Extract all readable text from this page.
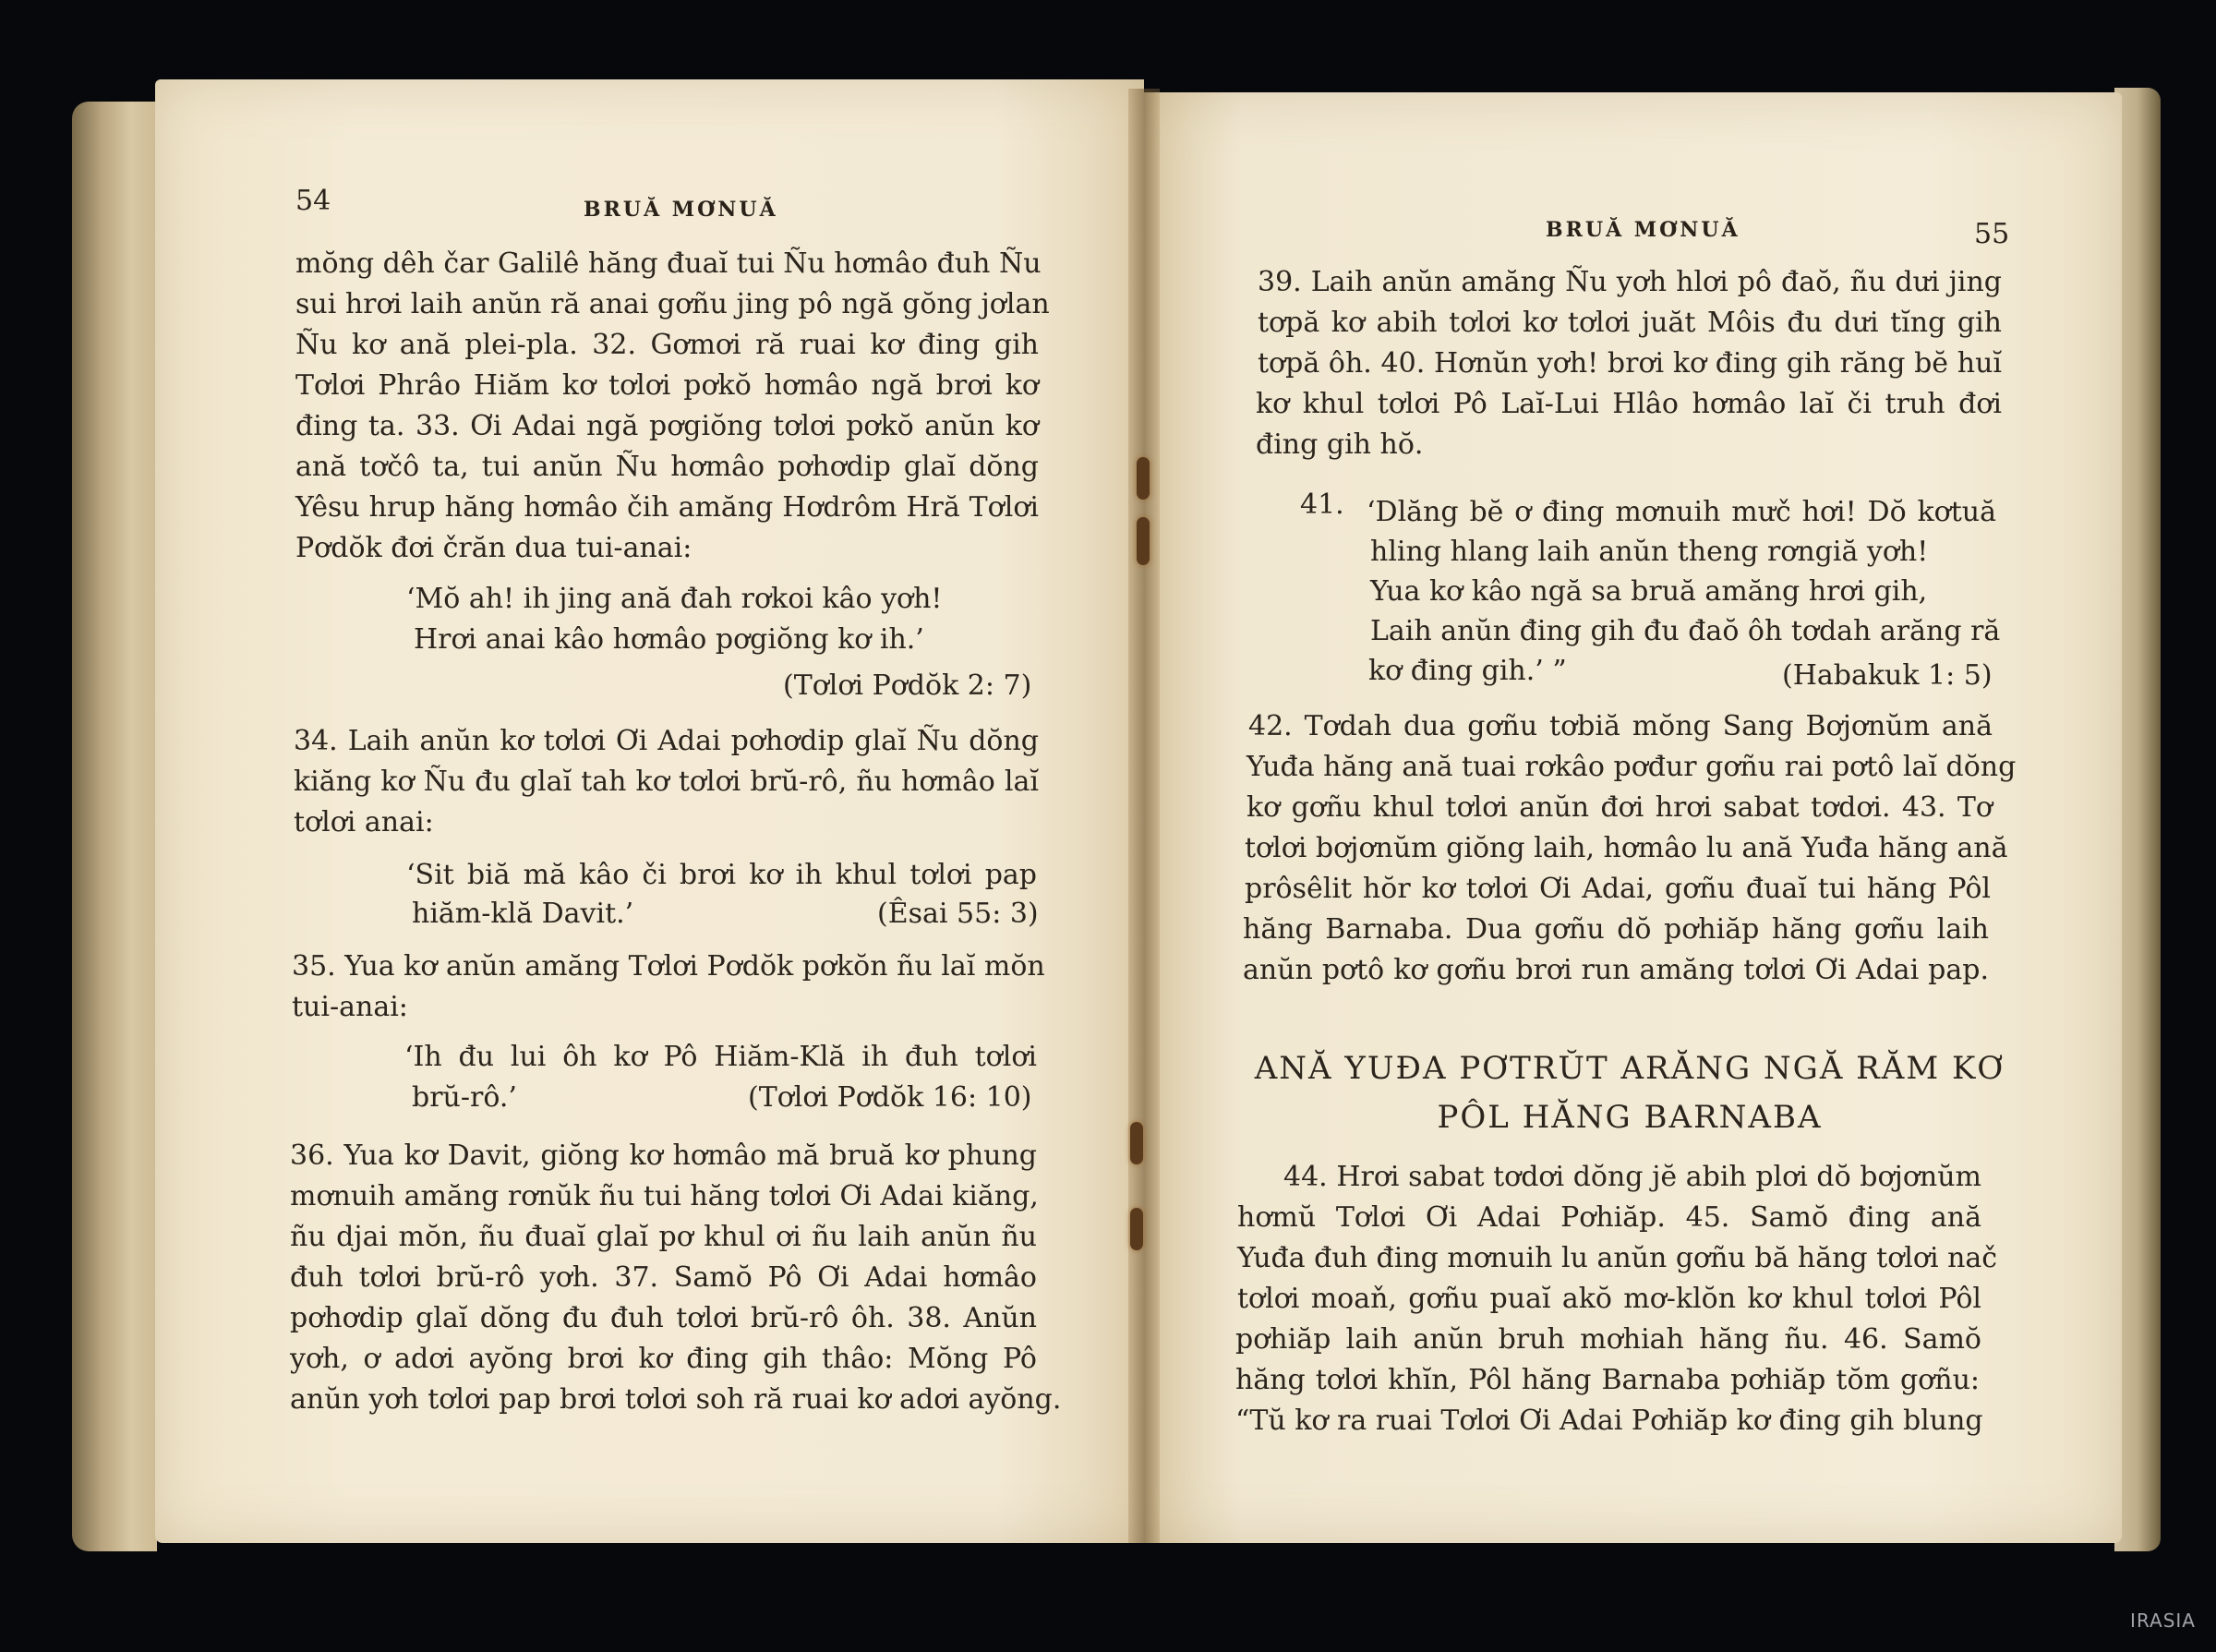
54	BRUĂ MƠNUĂ
mŏng dêh čar Galilê hăng đuaĭ tui Ñu hơmâo đuh Ñu
sui hrơi laih anŭn ră anai gơñu jing pô ngă gŏng jơlan
Ñu kơ ană plei-pla. 32. Gơmơi ră ruai kơ đing gih
Tơlơi Phrâo Hiăm kơ tơlơi pơkŏ hơmâo ngă brơi kơ
đing ta. 33. Ơi Adai ngă pơgiŏng tơlơi pơkŏ anŭn kơ
ană tơčô ta, tui anŭn Ñu hơmâo pơhơdip glaĭ dŏng
Yêsu hrup hăng hơmâo čih amăng Hơdrôm Hră Tơlơi
Pơdŏk đơi črăn dua tui-anai:
‘Mŏ ah! ih jing ană đah rơkoi kâo yơh!
Hrơi anai kâo hơmâo pơgiŏng kơ ih.’
(Tơlơi Pơdŏk 2: 7)
34. Laih anŭn kơ tơlơi Ơi Adai pơhơdip glaĭ Ñu dŏng
kiăng kơ Ñu đu glaĭ tah kơ tơlơi brŭ-rô, ñu hơmâo laĭ
tơlơi anai:
‘Sit biă mă kâo či brơi kơ ih khul tơlơi pap
hiăm-klă Davit.’	(Êsai 55: 3)
35. Yua kơ anŭn amăng Tơlơi Pơdŏk pơkŏn ñu laĭ mŏn
tui-anai:
‘Ih đu lui ôh kơ Pô Hiăm-Klă ih đuh tơlơi
brŭ-rô.’	(Tơlơi Pơdŏk 16: 10)
36. Yua kơ Davit, giŏng kơ hơmâo mă bruă kơ phung
mơnuih amăng rơnŭk ñu tui hăng tơlơi Ơi Adai kiăng,
ñu djai mŏn, ñu đuaĭ glaĭ pơ khul ơi ñu laih anŭn ñu
đuh tơlơi brŭ-rô yơh. 37. Samŏ Pô Ơi Adai hơmâo
pơhơdip glaĭ dŏng đu đuh tơlơi brŭ-rô ôh. 38. Anŭn
yơh, ơ adơi ayŏng brơi kơ đing gih thâo: Mŏng Pô
anŭn yơh tơlơi pap brơi tơlơi soh ră ruai kơ adơi ayŏng.
BRUĂ MƠNUĂ	55
39. Laih anŭn amăng Ñu yơh hlơi pô đaŏ, ñu dưi jing
tơpă kơ abih tơlơi kơ tơlơi juăt Môis đu dưi tĭng gih
tơpă ôh. 40. Hơnŭn yơh! brơi kơ đing gih răng bĕ huĭ
kơ khul tơlơi Pô Laĭ-Lui Hlâo hơmâo laĭ či truh đơi
đing gih hŏ.
41. ‘Dlăng bĕ ơ đing mơnuih mưč hơi! Dŏ kơtuă
hling hlang laih anŭn theng rơngiă yơh!
Yua kơ kâo ngă sa bruă amăng hrơi gih,
Laih anŭn đing gih đu đaŏ ôh tơdah arăng ră
kơ đing gih.’ ”	(Habakuk 1: 5)
42. Tơdah dua gơñu tơbiă mŏng Sang Bơjơnŭm ană
Yuđa hăng ană tuai rơkâo pơđur gơñu rai pơtô laĭ dŏng
kơ gơñu khul tơlơi anŭn đơi hrơi sabat tơdơi. 43. Tơ
tơlơi bơjơnŭm giŏng laih, hơmâo lu ană Yuđa hăng ană
prôsêlit hŏr kơ tơlơi Ơi Adai, gơñu đuaĭ tui hăng Pôl
hăng Barnaba. Dua gơñu dŏ pơhiăp hăng gơñu laih
anŭn pơtô kơ gơñu brơi run amăng tơlơi Ơi Adai pap.
ANĂ YUĐA PƠTRŬT ARĂNG NGĂ RĂM KƠ
PÔL HĂNG BARNABA
44. Hrơi sabat tơdơi dŏng jĕ abih plơi dŏ bơjơnŭm
hơmŭ Tơlơi Ơi Adai Pơhiăp. 45. Samŏ đing ană
Yuđa đuh đing mơnuih lu anŭn gơñu bă hăng tơlơi nač
tơlơi moaň, gơñu puaĭ akŏ mơ-klŏn kơ khul tơlơi Pôl
pơhiăp laih anŭn bruh mơhiah hăng ñu. 46. Samŏ
hăng tơlơi khĭn, Pôl hăng Barnaba pơhiăp tŏm gơñu:
“Tŭ kơ ra ruai Tơlơi Ơi Adai Pơhiăp kơ đing gih blung
IRASIA
